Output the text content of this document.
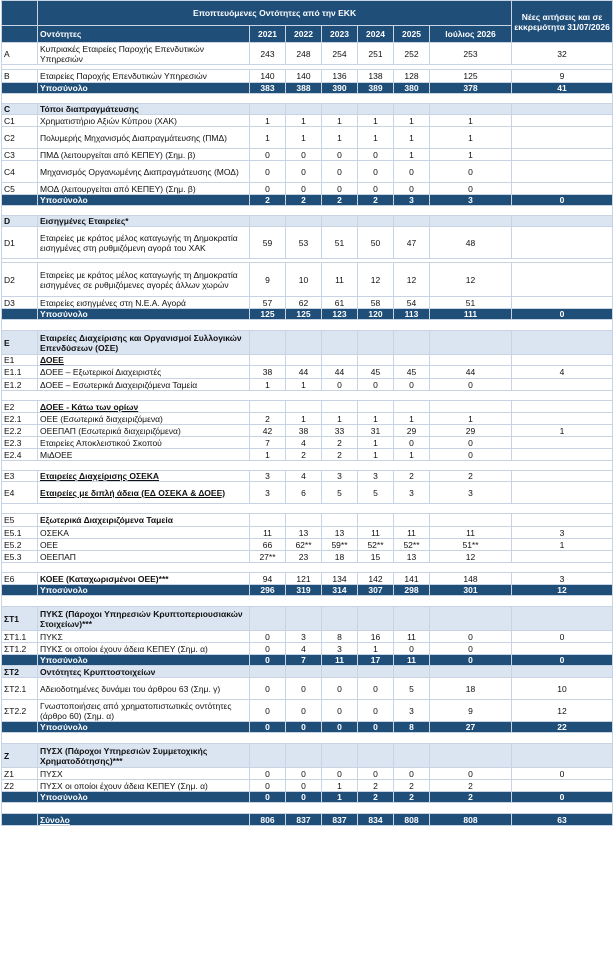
	Εποπτευόμενες Οντότητες από την ΕΚΚ							Νέες αιτήσεις και σε εκκρεμότητα 31/07/2026
	Οντότητες	2021	2022	2023	2024	2025	Ιούλιος 2026	
A	Κυπριακές Εταιρείες Παροχής Επενδυτικών Υπηρεσιών	243	248	254	251	252	253	32

B	Εταιρείες Παροχής Επενδυτικών Υπηρεσιών	140	140	136	138	128	125	9
	Υποσύνολο	383	388	390	389	380	378	41

C	Τόποι διαπραγμάτευσης							
C1	Χρηματιστήριο Αξιών Κύπρου (ΧΑΚ)	1	1	1	1	1	1	
C2	Πολυμερής Μηχανισμός Διαπραγμάτευσης (ΠΜΔ)	1	1	1	1	1	1	
C3	ΠΜΔ (λειτουργείται από ΚΕΠΕΥ) (Σημ. β)	0	0	0	0	1	1	
C4	Μηχανισμός Οργανωμένης Διαπραγμάτευσης (ΜΟΔ)	0	0	0	0	0	0	
C5	ΜΟΔ (λειτουργείται από ΚΕΠΕΥ) (Σημ. β)	0	0	0	0	0	0	
	Υποσύνολο	2	2	2	2	3	3	0

D	Εισηγμένες Εταιρείες*							
D1	Εταιρείες με κράτος μέλος καταγωγής τη Δημοκρατία εισηγμένες στη ρυθμιζόμενη αγορά του ΧΑΚ	59	53	51	50	47	48	

D2	Εταιρείες με κράτος μέλος καταγωγής τη Δημοκρατία εισηγμένες σε ρυθμιζόμενες αγορές άλλων χωρών	9	10	11	12	12	12	
D3	Εταιρείες εισηγμένες στη Ν.Ε.Α. Αγορά	57	62	61	58	54	51	
	Υποσύνολο	125	125	123	120	113	111	0

E	Εταιρείες Διαχείρισης και Οργανισμοί Συλλογικών Επενδύσεων (ΟΣΕ)							
E1	ΔΟΕΕ							
E1.1	ΔΟΕΕ – Εξωτερικοί Διαχειριστές	38	44	44	45	45	44	4
E1.2	ΔΟΕΕ – Εσωτερικά Διαχειριζόμενα Ταμεία	1	1	0	0	0	0	

E2	ΔΟΕΕ - Κάτω των ορίων							
E2.1	ΟΕΕ (Εσωτερικά διαχειριζόμενα)	2	1	1	1	1	1	
E2.2	ΟΕΕΠΑΠ (Εσωτερικά διαχειριζόμενα)	42	38	33	31	29	29	1
E2.3	Εταιρείες Αποκλειστικού Σκοπού	7	4	2	1	0	0	
E2.4	ΜιΔΟΕΕ	1	2	2	1	1	0	

E3	Εταιρείες Διαχείρισης ΟΣΕΚΑ	3	4	3	3	2	2	
E4	Εταιρείες με διπλή άδεια (ΕΔ ΟΣΕΚΑ & ΔΟΕΕ)	3	6	5	5	3	3	

E5	Εξωτερικά Διαχειριζόμενα Ταμεία							
E5.1	ΟΣΕΚΑ	11	13	13	11	11	11	3
E5.2	ΟΕΕ	66	62**	59**	52**	52**	51**	1
E5.3	ΟΕΕΠΑΠ	27**	23	18	15	13	12	

E6	ΚΟΕΕ (Καταχωρισμένοι ΟΕΕ)***	94	121	134	142	141	148	3
	Υποσύνολο	296	319	314	307	298	301	12

ΣΤ1	ΠΥΚΣ (Πάροχοι Υπηρεσιών Κρυπτοπεριουσιακών Στοιχείων)***							
ΣΤ1.1	ΠΥΚΣ	0	3	8	16	11	0	0
ΣΤ1.2	ΠΥΚΣ οι οποίοι έχουν άδεια ΚΕΠΕΥ (Σημ. α)	0	4	3	1	0	0	
	Υποσύνολο	0	7	11	17	11	0	0
ΣΤ2	Οντότητες Κρυπτοστοιχείων							
ΣΤ2.1	Αδειοδοτημένες δυνάμει του άρθρου 63 (Σημ. γ)	0	0	0	0	5	18	10
ΣΤ2.2	Γνωστοποιήσεις από χρηματοπιστωτικές οντότητες (άρθρο 60) (Σημ. α)	0	0	0	0	3	9	12
	Υποσύνολο	0	0	0	0	8	27	22

Z	ΠΥΣΧ (Πάροχοι Υπηρεσιών Συμμετοχικής Χρηματοδότησης)***							
Z1	ΠΥΣΧ	0	0	0	0	0	0	0
Z2	ΠΥΣΧ οι οποίοι έχουν άδεια ΚΕΠΕΥ (Σημ. α)	0	0	1	2	2	2	
	Υποσύνολο	0	0	1	2	2	2	0

	Σύνολο	806	837	837	834	808	808	63
